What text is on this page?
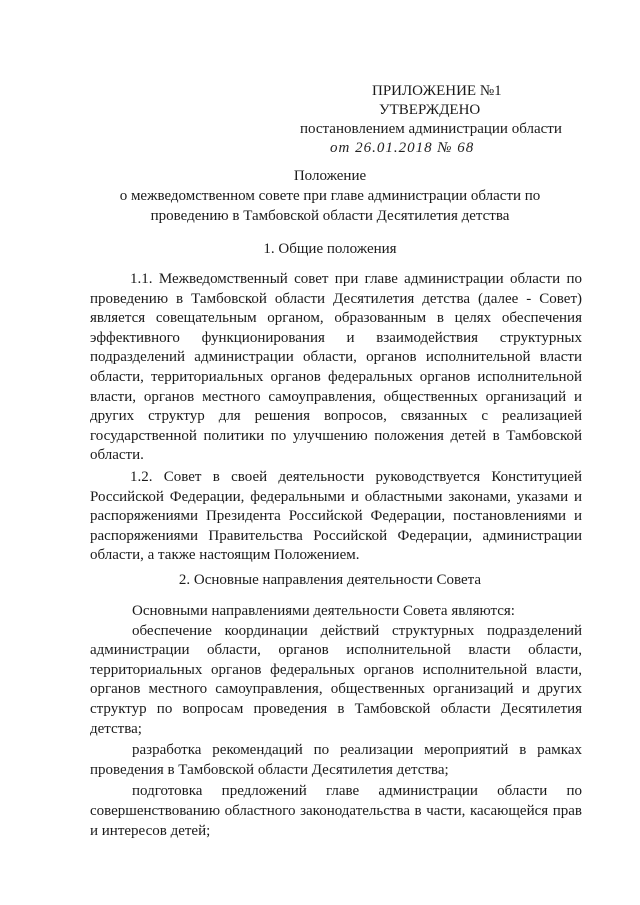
ПРИЛОЖЕНИЕ №1
УТВЕРЖДЕНО
постановлением администрации области
от 26.01.2018 № 68
Положение
о межведомственном совете при главе администрации области по
проведению в Тамбовской области Десятилетия детства
1. Общие положения

1.1. Межведомственный совет при главе администрации области по проведению в Тамбовской области Десятилетия детства (далее - Совет) является совещательным органом, образованным в целях обеспечения эффективного функционирования и взаимодействия структурных подразделений администрации области, органов исполнительной власти области, территориальных органов федеральных органов исполнительной власти, органов местного самоуправления, общественных организаций и других структур для решения вопросов, связанных с реализацией государственной политики по улучшению положения детей в Тамбовской области.

1.2. Совет в своей деятельности руководствуется Конституцией Российской Федерации, федеральными и областными законами, указами и распоряжениями Президента Российской Федерации, постановлениями и распоряжениями Правительства Российской Федерации, администрации области, а также настоящим Положением.

2. Основные направления деятельности Совета

Основными направлениями деятельности Совета являются:

обеспечение координации действий структурных подразделений администрации области, органов исполнительной власти области, территориальных органов федеральных органов исполнительной власти, органов местного самоуправления, общественных организаций и других структур по вопросам проведения в Тамбовской области Десятилетия детства;

разработка рекомендаций по реализации мероприятий в рамках проведения в Тамбовской области Десятилетия детства;

подготовка предложений главе администрации области по совершенствованию областного законодательства в части, касающейся прав и интересов детей;
